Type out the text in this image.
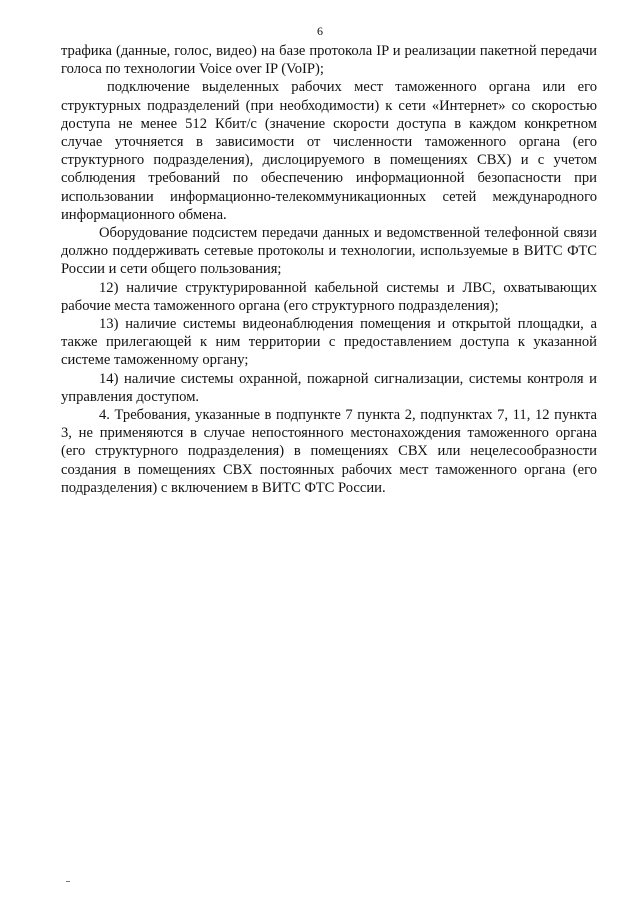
6

трафика (данные, голос, видео) на базе протокола IP и реализации пакетной передачи голоса по технологии Voice over IP (VoIP);

подключение выделенных рабочих мест таможенного органа или его структурных подразделений (при необходимости) к сети «Интернет» со скоростью доступа не менее 512 Кбит/с (значение скорости доступа в каждом конкретном случае уточняется в зависимости от численности таможенного органа (его структурного подразделения), дислоцируемого в помещениях СВХ) и с учетом соблюдения требований по обеспечению информационной безопасности при использовании информационно-телекоммуникационных сетей международного информационного обмена.

Оборудование подсистем передачи данных и ведомственной телефонной связи должно поддерживать сетевые протоколы и технологии, используемые в ВИТС ФТС России и сети общего пользования;

12) наличие структурированной кабельной системы и ЛВС, охватывающих рабочие места таможенного органа (его структурного подразделения);

13) наличие системы видеонаблюдения помещения и открытой площадки, а также прилегающей к ним территории с предоставлением доступа к указанной системе таможенному органу;

14) наличие системы охранной, пожарной сигнализации, системы контроля и управления доступом.

4. Требования, указанные в подпункте 7 пункта 2, подпунктах 7, 11, 12 пункта 3, не применяются в случае непостоянного местонахождения таможенного органа (его структурного подразделения) в помещениях СВХ или нецелесообразности создания в помещениях СВХ постоянных рабочих мест таможенного органа (его подразделения) с включением в ВИТС ФТС России.
